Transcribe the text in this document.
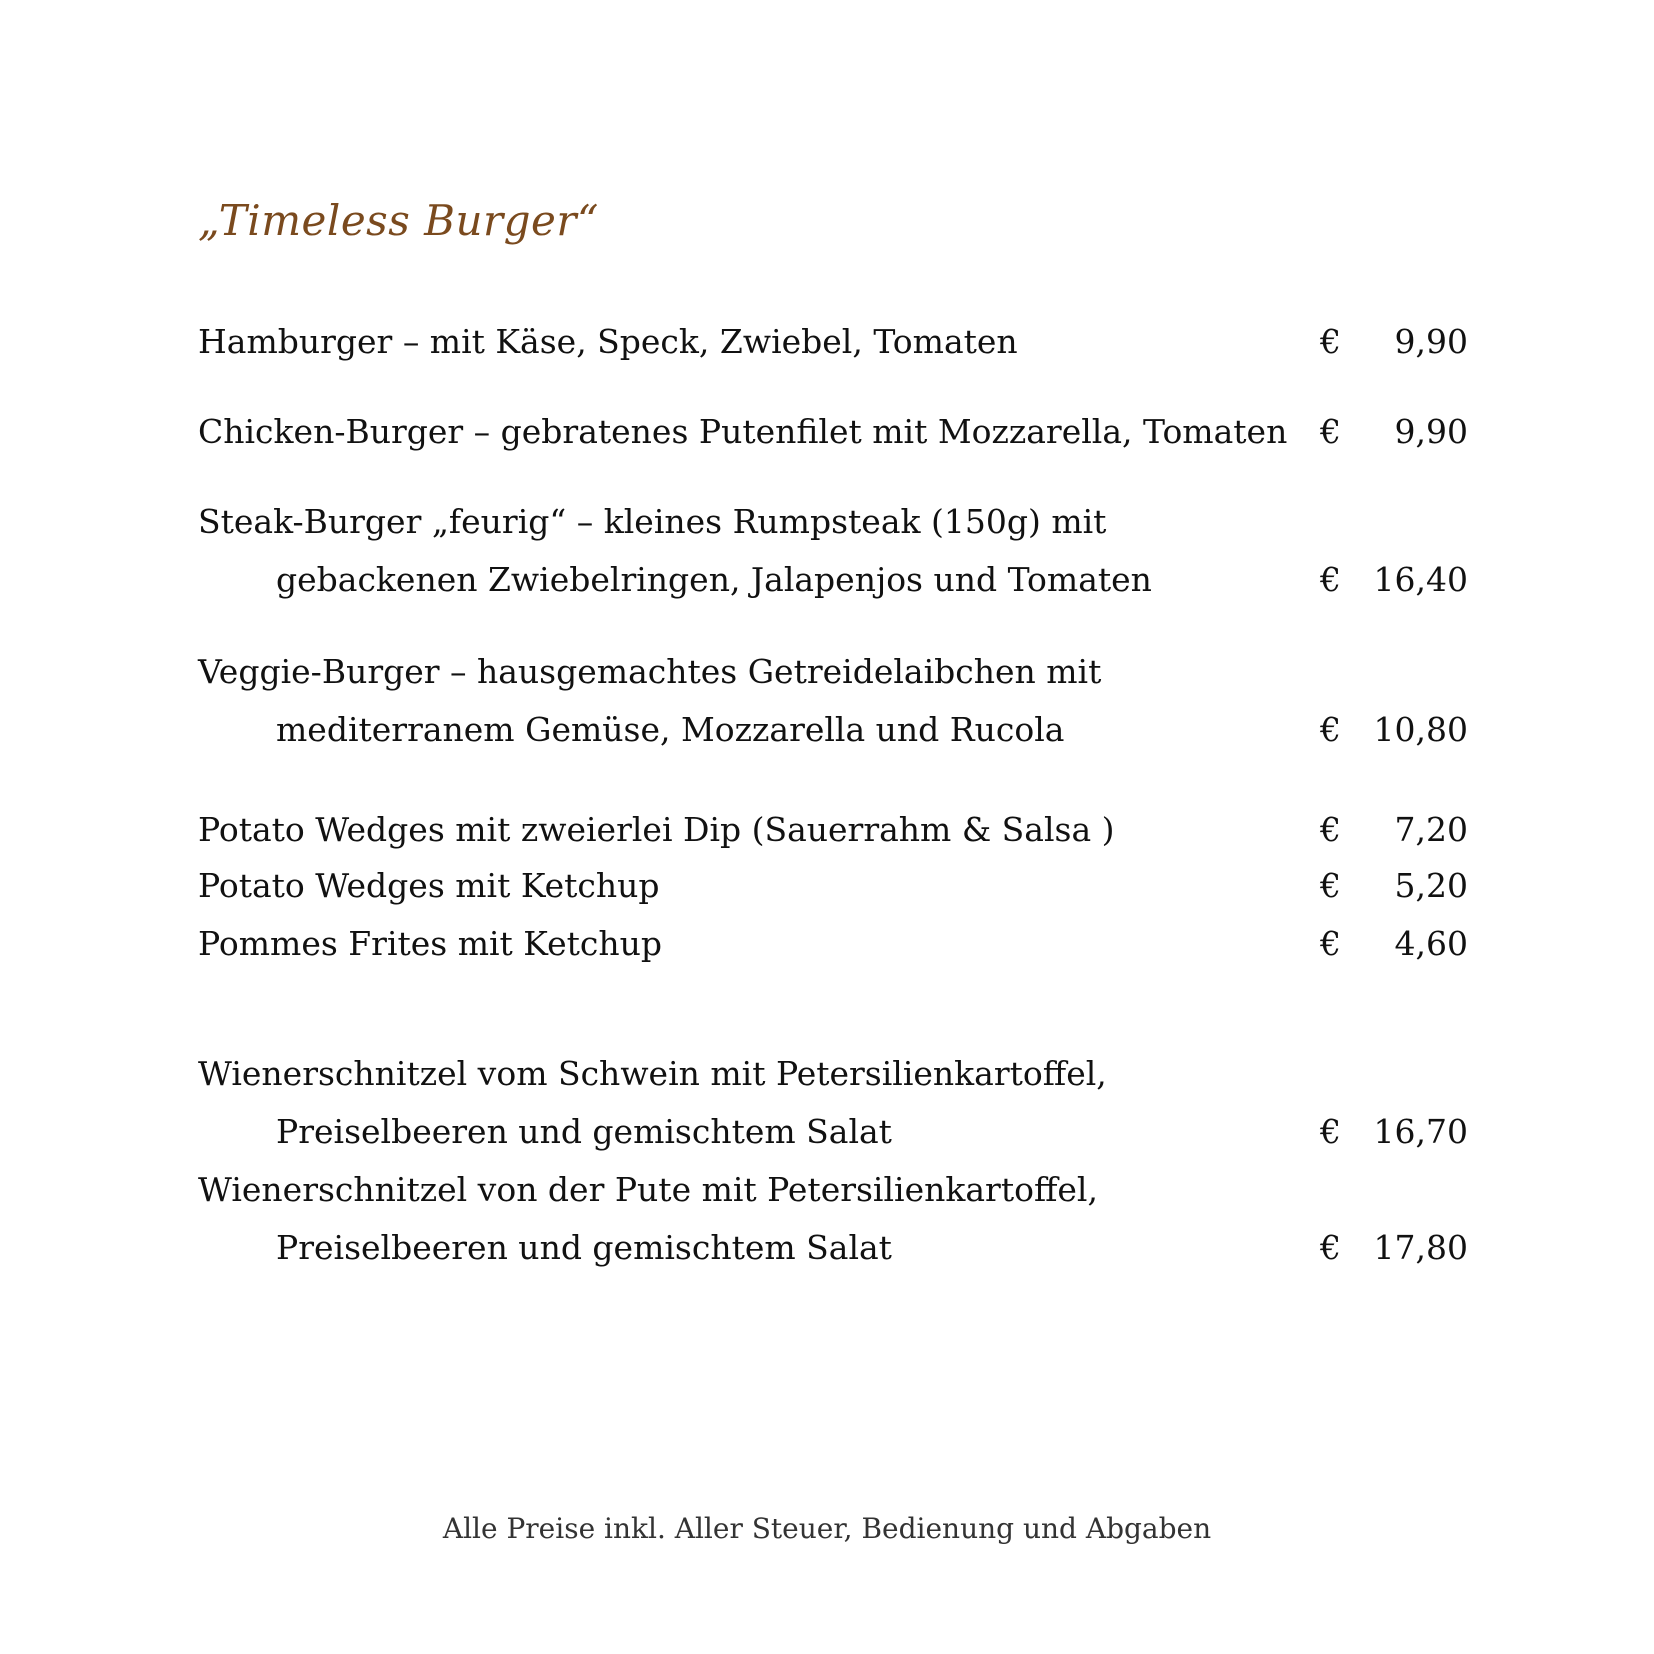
„Timeless Burger“
Hamburger – mit Käse, Speck, Zwiebel, Tomaten	€	9,90
Chicken-Burger – gebratenes Putenfilet mit Mozzarella, Tomaten €	9,90
Steak-Burger „feurig“ – kleines Rumpsteak (150g) mit
gebackenen Zwiebelringen, Jalapenjos und Tomaten	€ 16,40
Veggie-Burger – hausgemachtes Getreidelaibchen mit
mediterranem Gemüse, Mozzarella und Rucola	€ 10,80
Potato Wedges mit zweierlei Dip (Sauerrahm & Salsa )	€	7,20
Potato Wedges mit Ketchup	€	5,20
Pommes Frites mit Ketchup	€	4,60
Wienerschnitzel vom Schwein mit Petersilienkartoffel,
Preiselbeeren und gemischtem Salat	€ 16,70
Wienerschnitzel von der Pute mit Petersilienkartoffel,
Preiselbeeren und gemischtem Salat	€ 17,80
Alle Preise inkl. Aller Steuer, Bedienung und Abgaben
